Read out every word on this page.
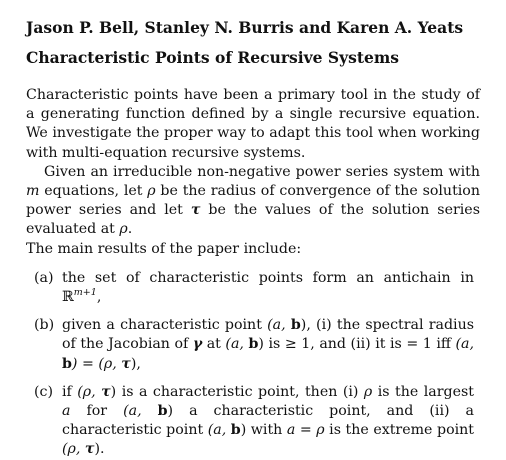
Jason P. Bell, Stanley N. Burris and Karen A. Yeats

Characteristic Points of Recursive Systems

Characteristic points have been a primary tool in the study of a generating function defined by a single recursive equation. We investigate the proper way to adapt this tool when working with multi-equation recursive systems.

Given an irreducible non-negative power series system with m equations, let ρ be the radius of convergence of the solution power series and let τ be the values of the solution series evaluated at ρ.

The main results of the paper include:

(a) the set of characteristic points form an antichain in ℝ$^{m+1}$,
(b) given a characteristic point (a, b), (i) the spectral radius of the Jacobian of γ at (a, b) is ≥ 1, and (ii) it is = 1 iff (a, b) = (ρ, τ),
(c) if (ρ, τ) is a characteristic point, then (i) ρ is the largest a for (a, b) a characteristic point, and (ii) a characteristic point (a, b) with a = ρ is the extreme point (ρ, τ).
